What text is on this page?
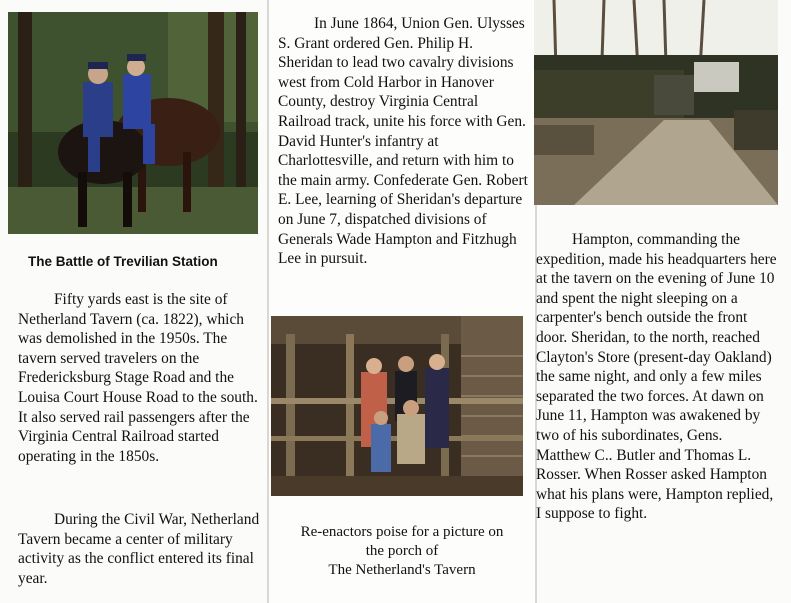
The Battle of Trevilian Station

Fifty yards east is the site of Netherland Tavern (ca. 1822), which was demolished in the 1950s. The tavern served travelers on the Fredericksburg Stage Road and the Louisa Court House Road to the south. It also served rail passengers after the Virginia Central Railroad started operating in the 1850s.

During the Civil War, Netherland Tavern became a center of military activity as the conflict entered its final year.

In June 1864, Union Gen. Ulysses S. Grant ordered Gen. Philip H. Sheridan to lead two cavalry divisions west from Cold Harbor in Hanover County, destroy Virginia Central Railroad track, unite his force with Gen. David Hunter's infantry at Charlottesville, and return with him to the main army. Confederate Gen. Robert E. Lee, learning of Sheridan's departure on June 7, dispatched divisions of Generals Wade Hampton and Fitzhugh Lee in pursuit.

Re-enactors poise for a picture on
the porch of
The Netherland's Tavern

Hampton, commanding the expedition, made his headquarters here at the tavern on the evening of June 10 and spent the night sleeping on a carpenter's bench outside the front door. Sheridan, to the north, reached Clayton's Store (present-day Oakland) the same night, and only a few miles separated the two forces. At dawn on June 11, Hampton was awakened by two of his subordinates, Gens. Matthew C.. Butler and Thomas L. Rosser. When Rosser asked Hampton what his plans were, Hampton replied, I suppose to fight.
